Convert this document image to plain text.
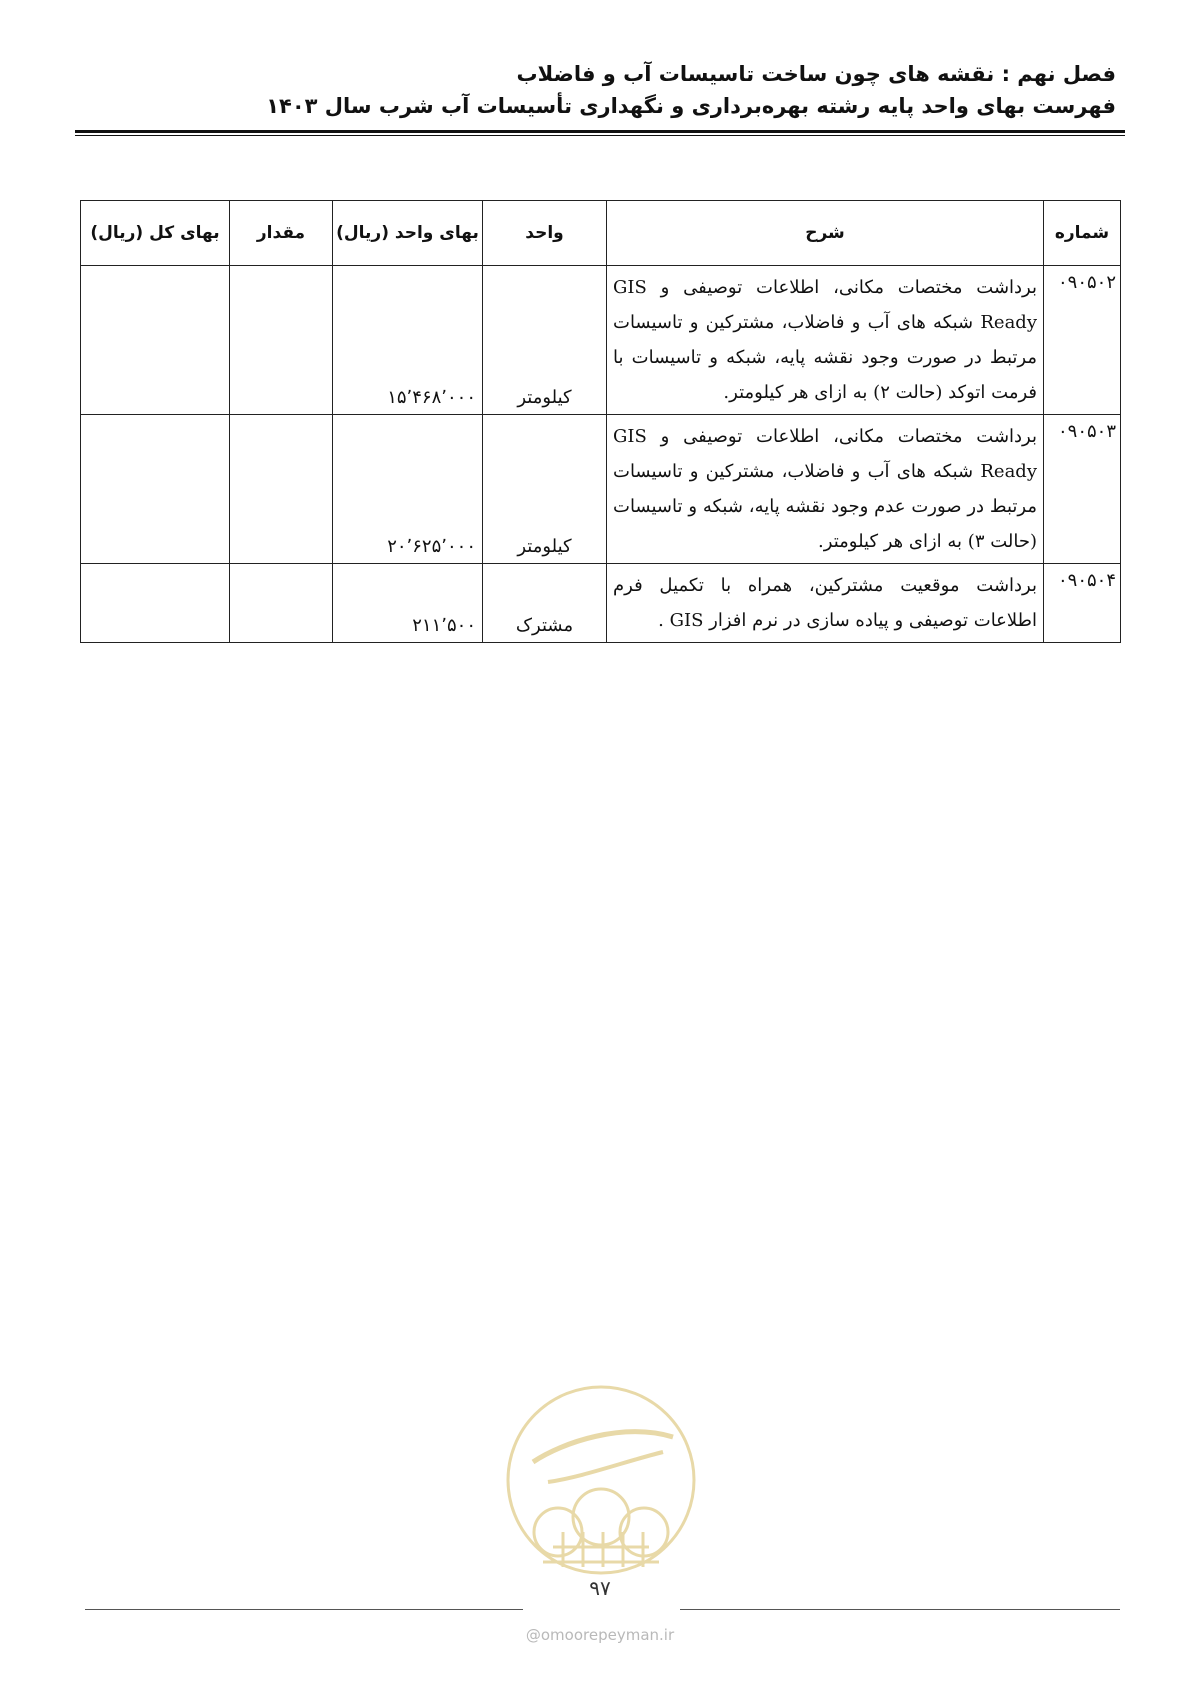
فصل نهم : نقشه های چون ساخت تاسیسات آب و فاضلاب
فهرست بهای واحد پایه رشته بهره‌برداری و نگهداری تأسیسات آب شرب سال ۱۴۰۳
شماره	شرح	واحد	بهای واحد (ریال)	مقدار	بهای کل (ریال)
۰۹۰۵۰۲	برداشت مختصات مکانی، اطلاعات توصیفی و GIS Ready شبکه های آب و فاضلاب، مشترکین و تاسیسات مرتبط در صورت وجود نقشه پایه، شبکه و تاسیسات با فرمت اتوکد (حالت ۲) به ازای هر کیلومتر.	کیلومتر	۱۵٬۴۶۸٬۰۰۰		
۰۹۰۵۰۳	برداشت مختصات مکانی، اطلاعات توصیفی و GIS Ready شبکه های آب و فاضلاب، مشترکین و تاسیسات مرتبط در صورت عدم وجود نقشه پایه، شبکه و تاسیسات (حالت ۳) به ازای هر کیلومتر.	کیلومتر	۲۰٬۶۲۵٬۰۰۰		
۰۹۰۵۰۴	برداشت موقعیت مشترکین، همراه با تکمیل فرم اطلاعات توصیفی و پیاده سازی در نرم افزار GIS .	مشترک	۲۱۱٬۵۰۰		
۹۷
@omoorepeyman.ir
